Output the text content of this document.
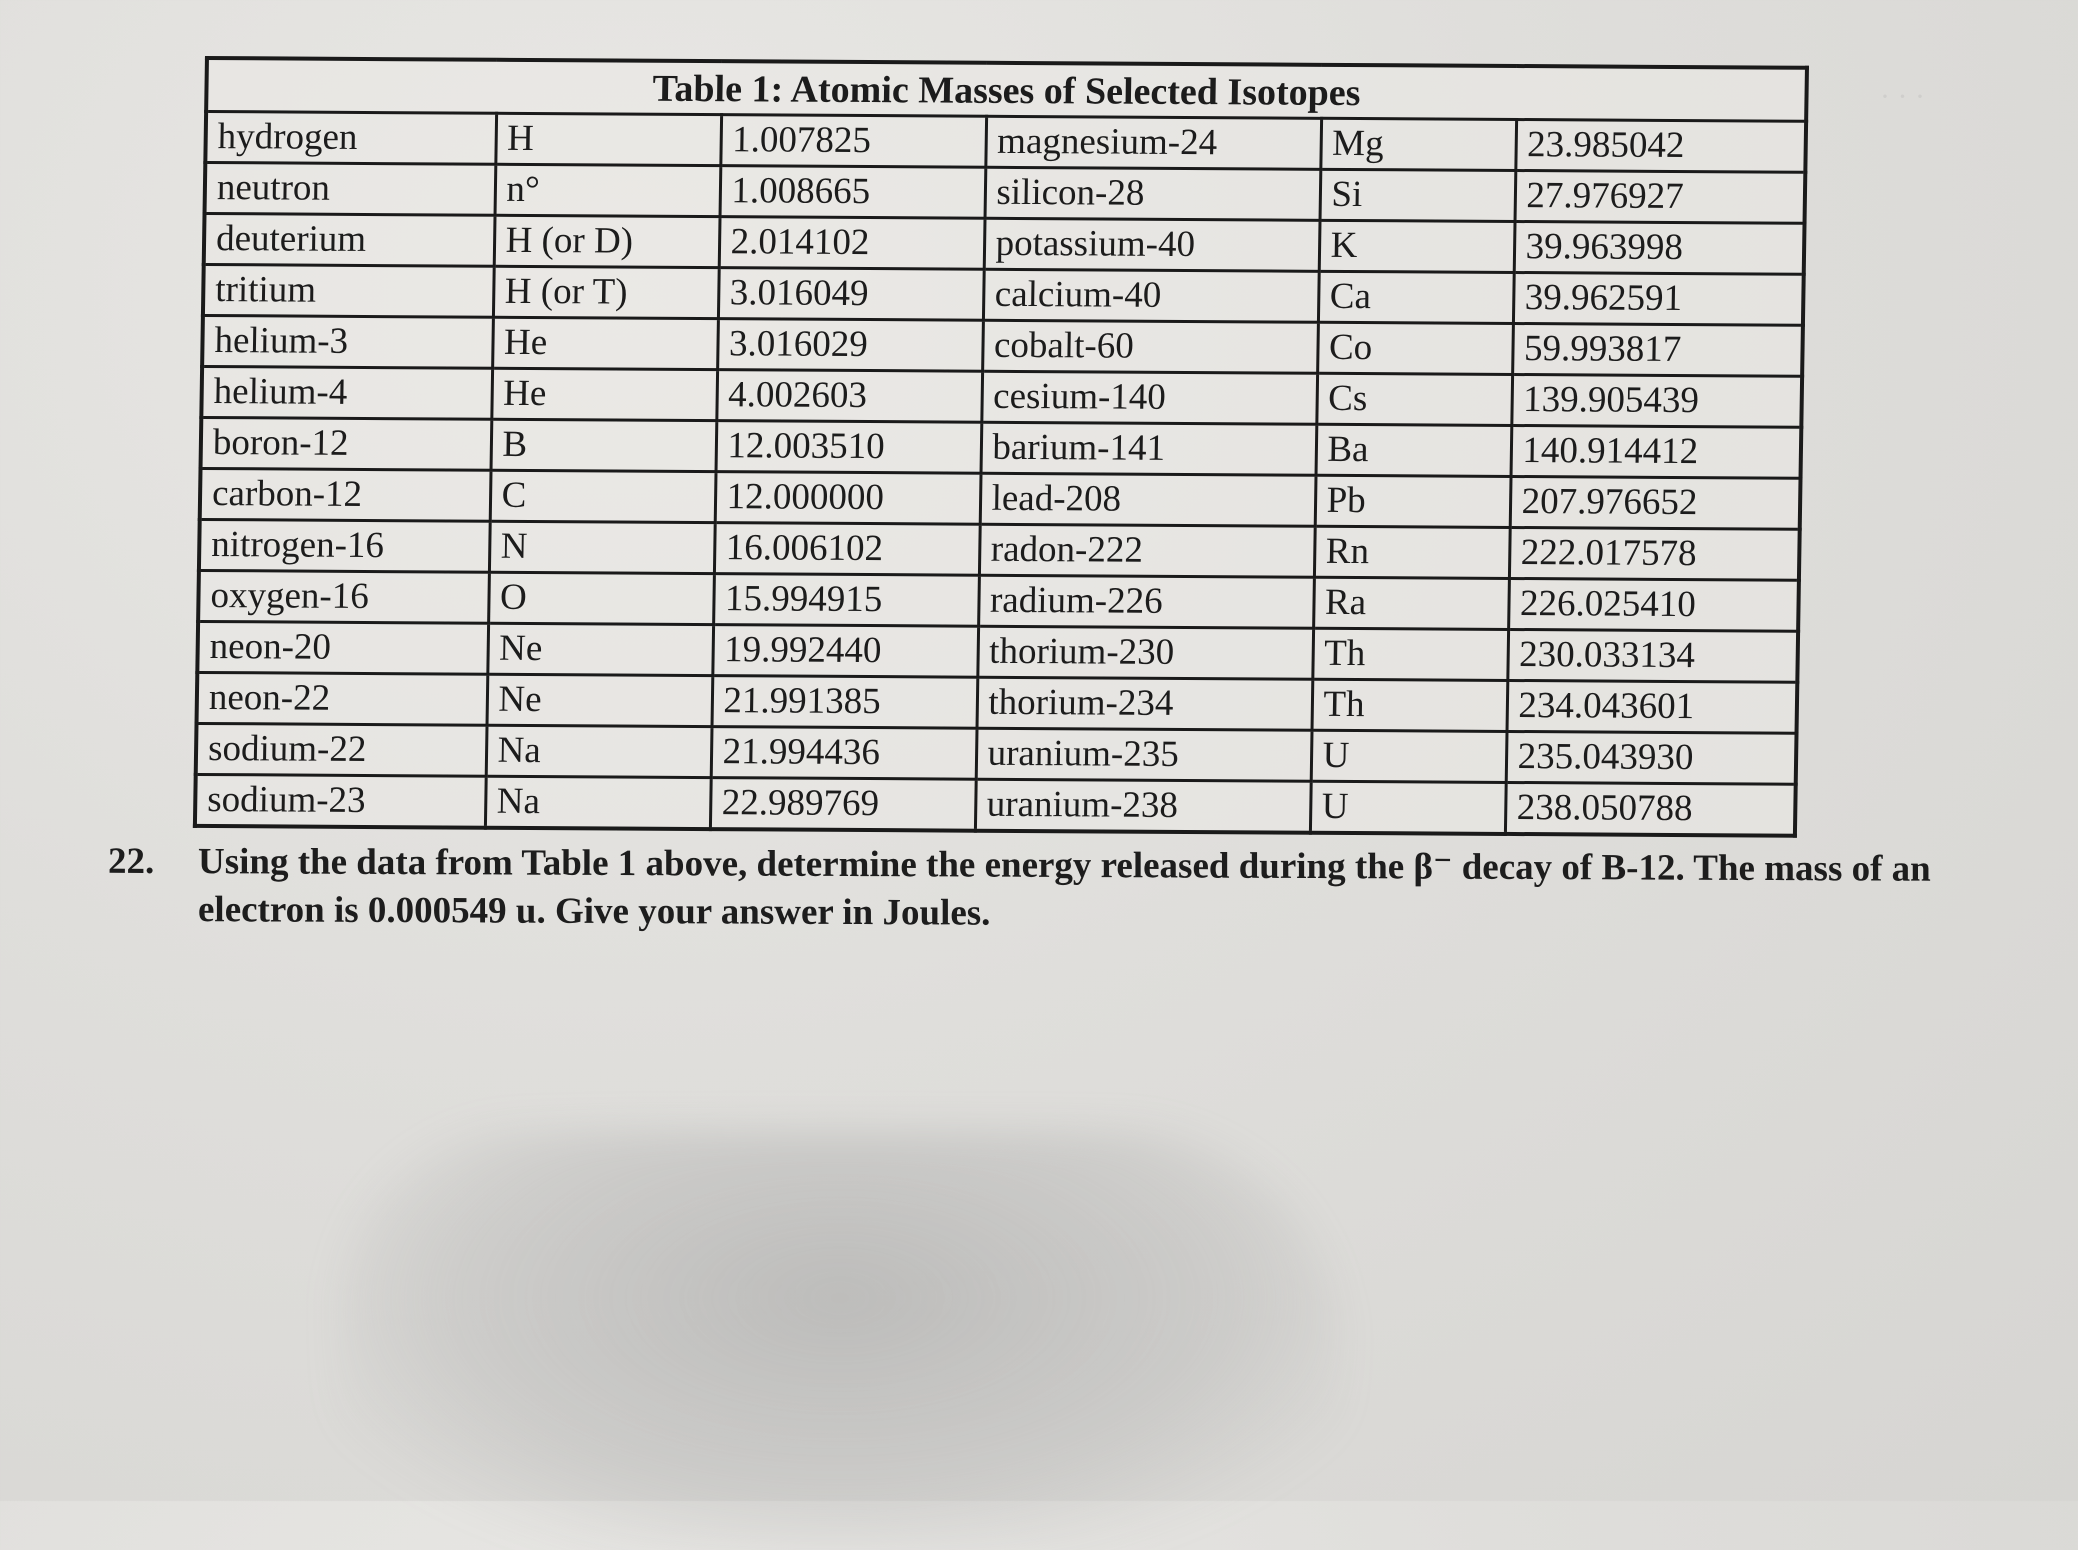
· · ·
Table 1: Atomic Masses of Selected Isotopes					
hydrogen	H	1.007825	magnesium-24	Mg	23.985042
neutron	n°	1.008665	silicon-28	Si	27.976927
deuterium	H (or D)	2.014102	potassium-40	K	39.963998
tritium	H (or T)	3.016049	calcium-40	Ca	39.962591
helium-3	He	3.016029	cobalt-60	Co	59.993817
helium-4	He	4.002603	cesium-140	Cs	139.905439
boron-12	B	12.003510	barium-141	Ba	140.914412
carbon-12	C	12.000000	lead-208	Pb	207.976652
nitrogen-16	N	16.006102	radon-222	Rn	222.017578
oxygen-16	O	15.994915	radium-226	Ra	226.025410
neon-20	Ne	19.992440	thorium-230	Th	230.033134
neon-22	Ne	21.991385	thorium-234	Th	234.043601
sodium-22	Na	21.994436	uranium-235	U	235.043930
sodium-23	Na	22.989769	uranium-238	U	238.050788
22. Using the data from Table 1 above, determine the energy released during the β⁻ decay of B-12. The mass of an electron is 0.000549 u. Give your answer in Joules.
